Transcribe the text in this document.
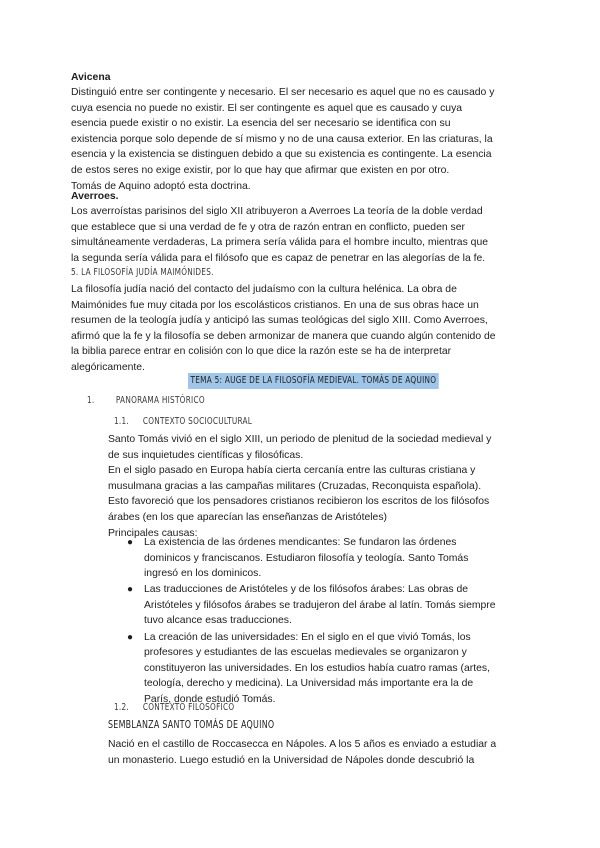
Avicena
Distinguió entre ser contingente y necesario. El ser necesario es aquel que no es causado y
cuya esencia no puede no existir. El ser contingente es aquel que es causado y cuya
esencia puede existir o no existir. La esencia del ser necesario se identifica con su
existencia porque solo depende de sí mismo y no de una causa exterior. En las criaturas, la
esencia y la existencia se distinguen debido a que su existencia es contingente. La esencia
de estos seres no exige existir, por lo que hay que afirmar que existen en por otro.
Tomás de Aquino adoptó esta doctrina.
Averroes.
Los averroístas parisinos del siglo XII atribuyeron a Averroes La teoría de la doble verdad
que establece que si una verdad de fe y otra de razón entran en conflicto, pueden ser
simultáneamente verdaderas, La primera sería válida para el hombre inculto, mientras que
la segunda sería válida para el filósofo que es capaz de penetrar en las alegorías de la fe.
5. LA FILOSOFÍA JUDÍA MAIMÓNIDES.
La filosofía judía nació del contacto del judaísmo con la cultura helénica. La obra de
Maimónides fue muy citada por los escolásticos cristianos. En una de sus obras hace un
resumen de la teología judía y anticipó las sumas teológicas del siglo XIII. Como Averroes,
afirmó que la fe y la filosofía se deben armonizar de manera que cuando algún contenido de
la biblia parece entrar en colisión con lo que dice la razón este se ha de interpretar
alegóricamente.
TEMA 5: AUGE DE LA FILOSOFÍA MEDIEVAL. TOMÁS DE AQUINO
1. PANORAMA HISTÓRICO
1.1. CONTEXTO SOCIOCULTURAL
Santo Tomás vivió en el siglo XIII, un periodo de plenitud de la sociedad medieval y
de sus inquietudes científicas y filosóficas.
En el siglo pasado en Europa había cierta cercanía entre las culturas cristiana y
musulmana gracias a las campañas militares (Cruzadas, Reconquista española).
Esto favoreció que los pensadores cristianos recibieron los escritos de los filósofos
árabes (en los que aparecían las enseñanzas de Aristóteles)
Principales causas:
● La existencia de las órdenes mendicantes: Se fundaron las órdenes
dominicos y franciscanos. Estudiaron filosofía y teología. Santo Tomás
ingresó en los dominicos.
● Las traducciones de Aristóteles y de los filósofos árabes: Las obras de
Aristóteles y filósofos árabes se tradujeron del árabe al latín. Tomás siempre
tuvo alcance esas traducciones.
● La creación de las universidades: En el siglo en el que vivió Tomás, los
profesores y estudiantes de las escuelas medievales se organizaron y
constituyeron las universidades. En los estudios había cuatro ramas (artes,
teología, derecho y medicina). La Universidad más importante era la de
París, donde estudió Tomás.
1.2. CONTEXTO FILOSÓFICO
SEMBLANZA SANTO TOMÁS DE AQUINO
Nació en el castillo de Roccasecca en Nápoles. A los 5 años es enviado a estudiar a
un monasterio. Luego estudió en la Universidad de Nápoles donde descubrió la
